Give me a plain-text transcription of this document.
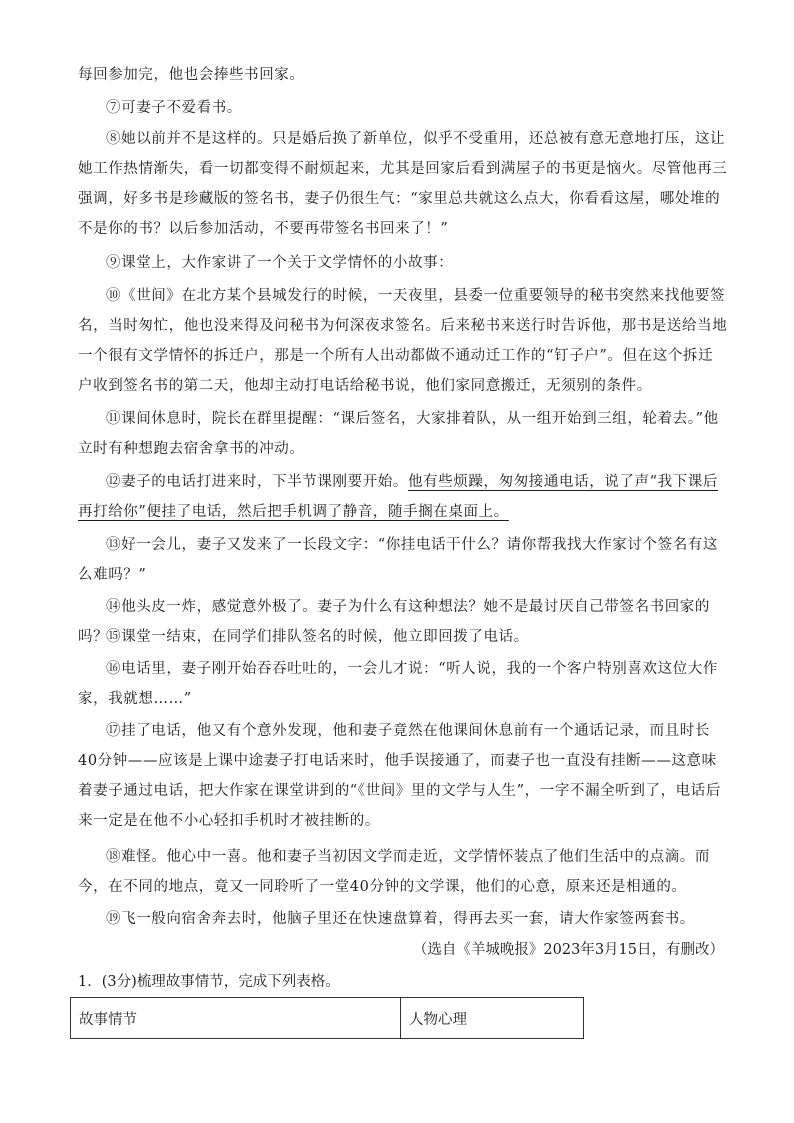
每回参加完，他也会捧些书回家。

⑦可妻子不爱看书。

⑧她以前并不是这样的。只是婚后换了新单位，似乎不受重用，还总被有意无意地打压，这让她工作热情渐失，看一切都变得不耐烦起来，尤其是回家后看到满屋子的书更是恼火。尽管他再三强调，好多书是珍藏版的签名书，妻子仍很生气：“家里总共就这么点大，你看看这屋，哪处堆的不是你的书？以后参加活动，不要再带签名书回来了！”

⑨课堂上，大作家讲了一个关于文学情怀的小故事：

⑩《世间》在北方某个县城发行的时候，一天夜里，县委一位重要领导的秘书突然来找他要签名，当时匆忙，他也没来得及问秘书为何深夜求签名。后来秘书来送行时告诉他，那书是送给当地一个很有文学情怀的拆迁户，那是一个所有人出动都做不通动迁工作的“钉子户”。但在这个拆迁户收到签名书的第二天，他却主动打电话给秘书说，他们家同意搬迁，无须别的条件。

⑪课间休息时，院长在群里提醒：“课后签名，大家排着队，从一组开始到三组，轮着去。”他立时有种想跑去宿舍拿书的冲动。

⑫妻子的电话打进来时，下半节课刚要开始。他有些烦躁，匆匆接通电话，说了声“我下课后再打给你”便挂了电话，然后把手机调了静音，随手搁在桌面上。

⑬好一会儿，妻子又发来了一长段文字：“你挂电话干什么？请你帮我找大作家讨个签名有这么难吗？”

⑭他头皮一炸，感觉意外极了。妻子为什么有这种想法？她不是最讨厌自己带签名书回家的吗？

⑮课堂一结束，在同学们排队签名的时候，他立即回拨了电话。

⑯电话里，妻子刚开始吞吞吐吐的，一会儿才说：“听人说，我的一个客户特别喜欢这位大作家，我就想……”

⑰挂了电话，他又有个意外发现，他和妻子竟然在他课间休息前有一个通话记录，而且时长40分钟——应该是上课中途妻子打电话来时，他手误接通了，而妻子也一直没有挂断——这意味着妻子通过电话，把大作家在课堂讲到的“《世间》里的文学与人生”，一字不漏全听到了，电话后来一定是在他不小心轻扣手机时才被挂断的。

⑱难怪。他心中一喜。他和妻子当初因文学而走近，文学情怀装点了他们生活中的点滴。而今，在不同的地点，竟又一同聆听了一堂40分钟的文学课，他们的心意，原来还是相通的。

⑲飞一般向宿舍奔去时，他脑子里还在快速盘算着，得再去买一套，请大作家签两套书。

（选自《羊城晚报》2023年3月15日，有删改）
1．(3分)梳理故事情节，完成下列表格。
故事情节	人物心理
